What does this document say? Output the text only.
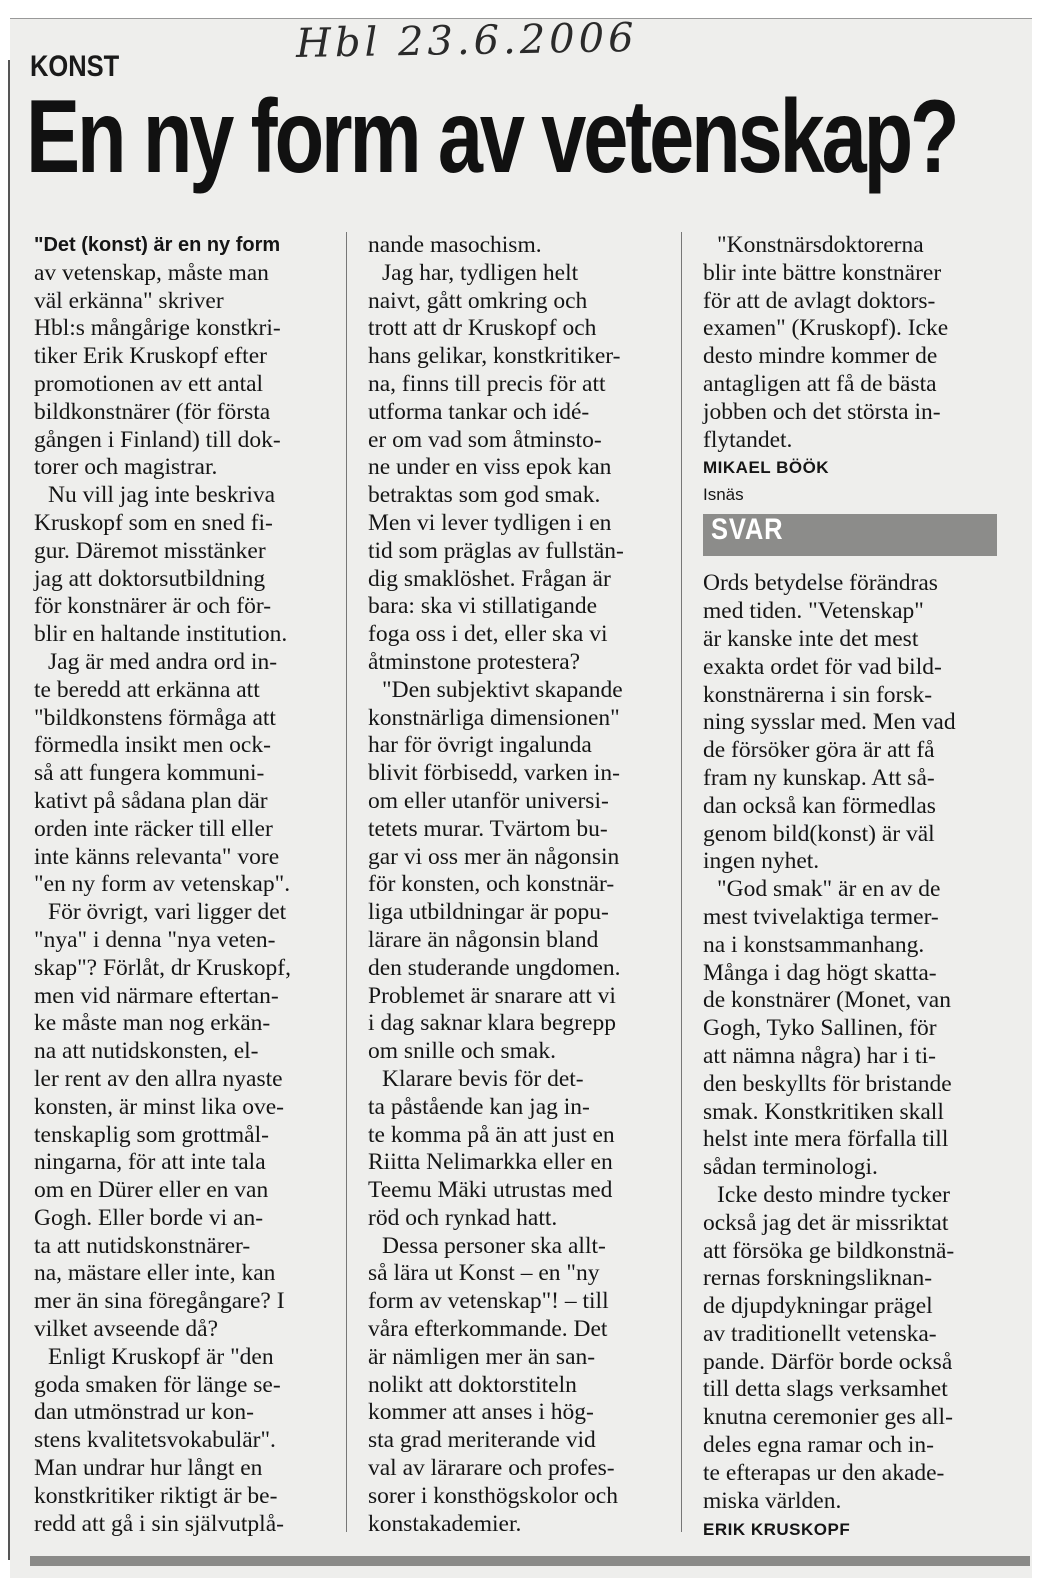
Hbl 23.6.2006
KONST
En ny form av vetenskap?
"Det (konst) är en ny form
av vetenskap, måste man
väl erkänna" skriver
Hbl:s mångårige konstkri-
tiker Erik Kruskopf efter
promotionen av ett antal
bildkonstnärer (för första
gången i Finland) till dok-
torer och magistrar.
Nu vill jag inte beskriva
Kruskopf som en sned fi-
gur. Däremot misstänker
jag att doktorsutbildning
för konstnärer är och för-
blir en haltande institution.
Jag är med andra ord in-
te beredd att erkänna att
"bildkonstens förmåga att
förmedla insikt men ock-
så att fungera kommuni-
kativt på sådana plan där
orden inte räcker till eller
inte känns relevanta" vore
"en ny form av vetenskap".
För övrigt, vari ligger det
"nya" i denna "nya veten-
skap"? Förlåt, dr Kruskopf,
men vid närmare eftertan-
ke måste man nog erkän-
na att nutidskonsten, el-
ler rent av den allra nyaste
konsten, är minst lika ove-
tenskaplig som grottmål-
ningarna, för att inte tala
om en Dürer eller en van
Gogh. Eller borde vi an-
ta att nutidskonstnärer-
na, mästare eller inte, kan
mer än sina föregångare? I
vilket avseende då?
Enligt Kruskopf är "den
goda smaken för länge se-
dan utmönstrad ur kon-
stens kvalitetsvokabulär".
Man undrar hur långt en
konstkritiker riktigt är be-
redd att gå i sin självutplå-
nande masochism.
Jag har, tydligen helt
naivt, gått omkring och
trott att dr Kruskopf och
hans gelikar, konstkritiker-
na, finns till precis för att
utforma tankar och idé-
er om vad som åtminsto-
ne under en viss epok kan
betraktas som god smak.
Men vi lever tydligen i en
tid som präglas av fullstän-
dig smaklöshet. Frågan är
bara: ska vi stillatigande
foga oss i det, eller ska vi
åtminstone protestera?
"Den subjektivt skapande
konstnärliga dimensionen"
har för övrigt ingalunda
blivit förbisedd, varken in-
om eller utanför universi-
tetets murar. Tvärtom bu-
gar vi oss mer än någonsin
för konsten, och konstnär-
liga utbildningar är popu-
lärare än någonsin bland
den studerande ungdomen.
Problemet är snarare att vi
i dag saknar klara begrepp
om snille och smak.
Klarare bevis för det-
ta påstående kan jag in-
te komma på än att just en
Riitta Nelimarkka eller en
Teemu Mäki utrustas med
röd och rynkad hatt.
Dessa personer ska allt-
så lära ut Konst – en "ny
form av vetenskap"! – till
våra efterkommande. Det
är nämligen mer än san-
nolikt att doktorstiteln
kommer att anses i hög-
sta grad meriterande vid
val av lärarare och profes-
sorer i konsthögskolor och
konstakademier.
"Konstnärsdoktorerna
blir inte bättre konstnärer
för att de avlagt doktors-
examen" (Kruskopf). Icke
desto mindre kommer de
antagligen att få de bästa
jobben och det största in-
flytandet.
MIKAEL BÖÖK
Isnäs
SVAR
Ords betydelse förändras
med tiden. "Vetenskap"
är kanske inte det mest
exakta ordet för vad bild-
konstnärerna i sin forsk-
ning sysslar med. Men vad
de försöker göra är att få
fram ny kunskap. Att så-
dan också kan förmedlas
genom bild(konst) är väl
ingen nyhet.
"God smak" är en av de
mest tvivelaktiga termer-
na i konstsammanhang.
Många i dag högt skatta-
de konstnärer (Monet, van
Gogh, Tyko Sallinen, för
att nämna några) har i ti-
den beskyllts för bristande
smak. Konstkritiken skall
helst inte mera förfalla till
sådan terminologi.
Icke desto mindre tycker
också jag det är missriktat
att försöka ge bildkonstnä-
rernas forskningsliknan-
de djupdykningar prägel
av traditionellt vetenska-
pande. Därför borde också
till detta slags verksamhet
knutna ceremonier ges all-
deles egna ramar och in-
te efterapas ur den akade-
miska världen.
ERIK KRUSKOPF
